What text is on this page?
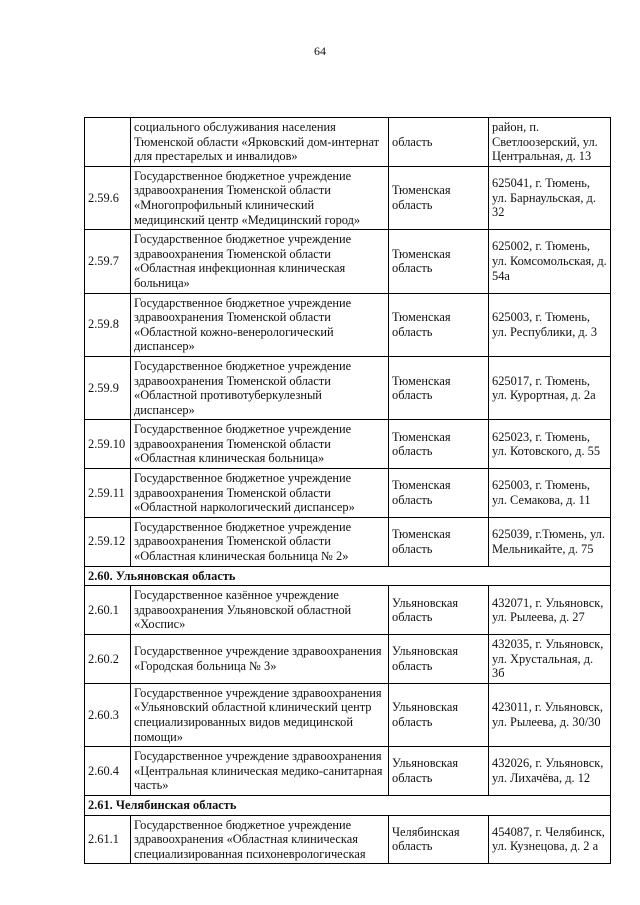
64
	социального обслуживания населения Тюменской области «Ярковский дом-интернат для престарелых и инвалидов»	область	район, п. Светлоозерский, ул. Центральная, д. 13
2.59.6	Государственное бюджетное учреждение здравоохранения Тюменской области «Многопрофильный клинический медицинский центр «Медицинский город»	Тюменская область	625041, г. Тюмень, ул. Барнаульская, д. 32
2.59.7	Государственное бюджетное учреждение здравоохранения Тюменской области «Областная инфекционная клиническая больница»	Тюменская область	625002, г. Тюмень, ул. Комсомольская, д. 54а
2.59.8	Государственное бюджетное учреждение здравоохранения Тюменской области «Областной кожно-венерологический диспансер»	Тюменская область	625003, г. Тюмень, ул. Республики, д. 3
2.59.9	Государственное бюджетное учреждение здравоохранения Тюменской области «Областной противотуберкулезный диспансер»	Тюменская область	625017, г. Тюмень, ул. Курортная, д. 2а
2.59.10	Государственное бюджетное учреждение здравоохранения Тюменской области «Областная клиническая больница»	Тюменская область	625023, г. Тюмень, ул. Котовского, д. 55
2.59.11	Государственное бюджетное учреждение здравоохранения Тюменской области «Областной наркологический диспансер»	Тюменская область	625003, г. Тюмень, ул. Семакова, д. 11
2.59.12	Государственное бюджетное учреждение здравоохранения Тюменской области «Областная клиническая больница № 2»	Тюменская область	625039, г.Тюмень, ул. Мельникайте, д. 75
2.60. Ульяновская область			
2.60.1	Государственное казённое учреждение здравоохранения Ульяновской областной «Хоспис»	Ульяновская область	432071, г. Ульяновск, ул. Рылеева, д. 27
2.60.2	Государственное учреждение здравоохранения «Городская больница № 3»	Ульяновская область	432035, г. Ульяновск, ул. Хрустальная, д. 3б
2.60.3	Государственное учреждение здравоохранения «Ульяновский областной клинический центр специализированных видов медицинской помощи»	Ульяновская область	423011, г. Ульяновск, ул. Рылеева, д. 30/30
2.60.4	Государственное учреждение здравоохранения «Центральная клиническая медико-санитарная часть»	Ульяновская область	432026, г. Ульяновск, ул. Лихачёва, д. 12
2.61. Челябинская область			
2.61.1	Государственное бюджетное учреждение здравоохранения «Областная клиническая специализированная психоневрологическая	Челябинская область	454087, г. Челябинск, ул. Кузнецова, д. 2 а
